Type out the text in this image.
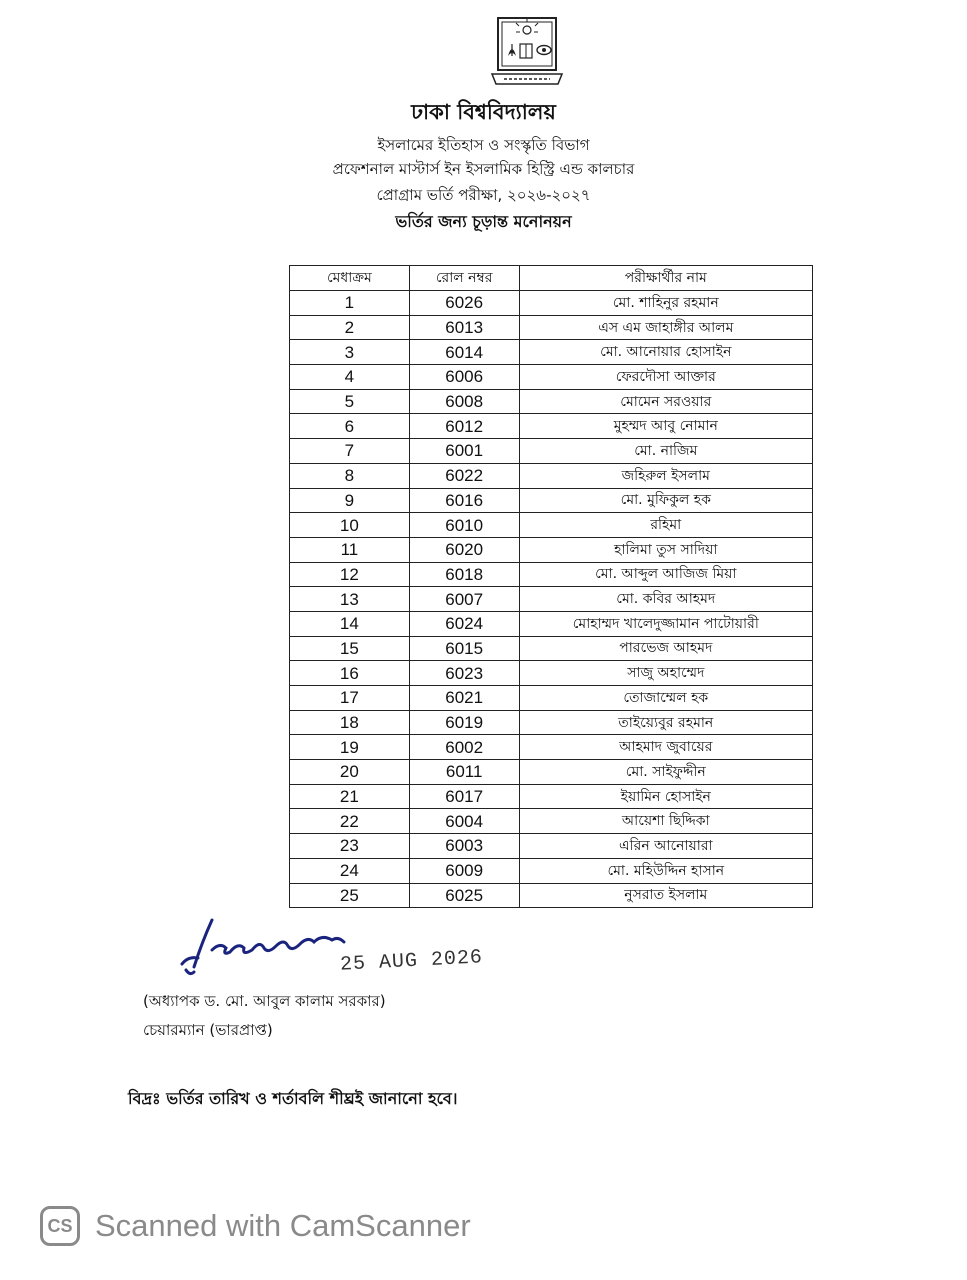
ঢাকা বিশ্ববিদ্যালয়
ইসলামের ইতিহাস ও সংস্কৃতি বিভাগ
প্রফেশনাল মাস্টার্স ইন ইসলামিক হিস্ট্রি এন্ড কালচার
প্রোগ্রাম ভর্তি পরীক্ষা, ২০২৬-২০২৭
ভর্তির জন্য চূড়ান্ত মনোনয়ন
মেধাক্রম	রোল নম্বর	পরীক্ষার্থীর নাম
1	6026	মো. শাহিনুর রহমান
2	6013	এস এম জাহাঙ্গীর আলম
3	6014	মো. আনোয়ার হোসাইন
4	6006	ফেরদৌসা আক্তার
5	6008	মোমেন সরওয়ার
6	6012	মুহম্মদ আবু নোমান
7	6001	মো. নাজিম
8	6022	জহিরুল ইসলাম
9	6016	মো. মুফিকুল হক
10	6010	রহিমা
11	6020	হালিমা তুস সাদিয়া
12	6018	মো. আব্দুল আজিজ মিয়া
13	6007	মো. কবির আহমদ
14	6024	মোহাম্মদ খালেদুজ্জামান পাটোয়ারী
15	6015	পারভেজ আহমদ
16	6023	সাজু অহাম্মেদ
17	6021	তোজাম্মেল হক
18	6019	তাইয়্যেবুর রহমান
19	6002	আহমাদ জুবায়ের
20	6011	মো. সাইফুদ্দীন
21	6017	ইয়ামিন হোসাইন
22	6004	আয়েশা ছিদ্দিকা
23	6003	এরিন আনোয়ারা
24	6009	মো. মহিউদ্দিন হাসান
25	6025	নুসরাত ইসলাম
25 AUG 2026
(অধ্যাপক ড. মো. আবুল কালাম সরকার)
চেয়ারম্যান (ভারপ্রাপ্ত)
বিদ্রঃ ভর্তির তারিখ ও শর্তাবলি শীঘ্রই জানানো হবে।
CS Scanned with CamScanner
